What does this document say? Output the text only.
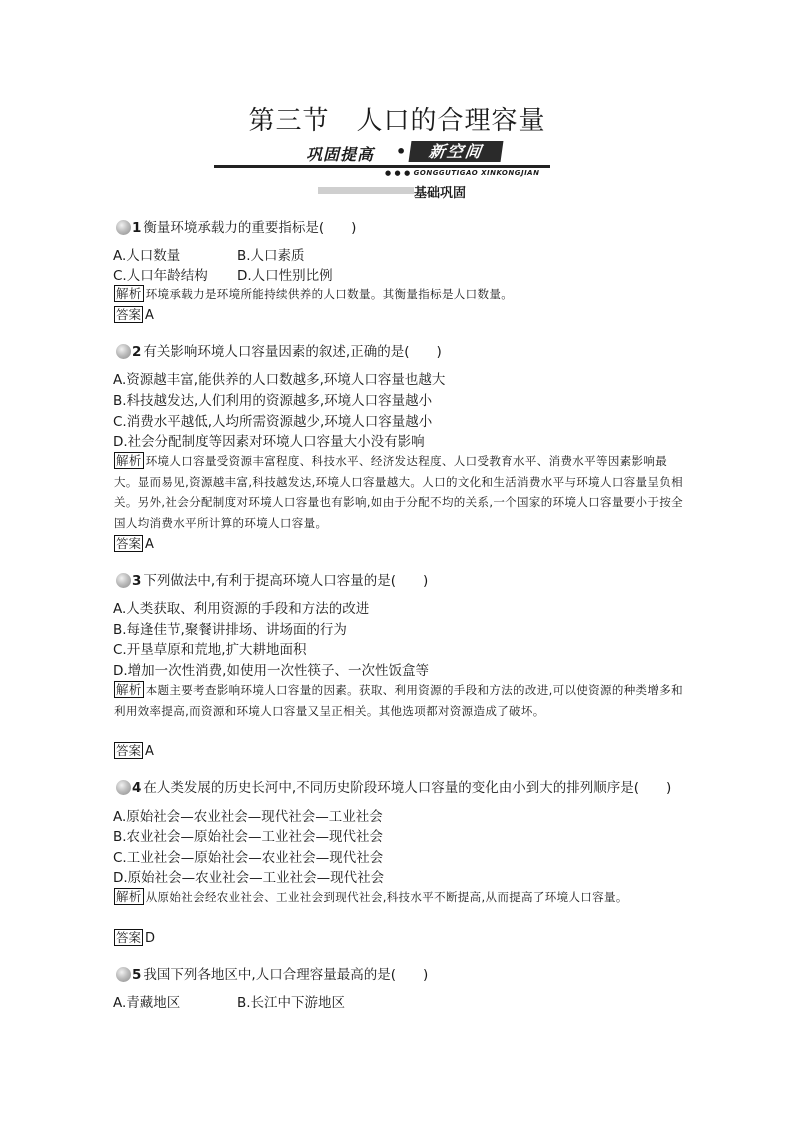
第三节　人口的合理容量
巩固提高 •	新空间
● ● ● GONGGUTIGAO XINKONGJIAN
基础巩固
1 衡量环境承载力的重要指标是(　　)
A.人口数量	B.人口素质
C.人口年龄结构 D.人口性别比例
解析 环境承载力是环境所能持续供养的人口数量。其衡量指标是人口数量。
答案 A
2 有关影响环境人口容量因素的叙述,正确的是(　　)
A.资源越丰富,能供养的人口数越多,环境人口容量也越大
B.科技越发达,人们利用的资源越多,环境人口容量越小
C.消费水平越低,人均所需资源越少,环境人口容量越小
D.社会分配制度等因素对环境人口容量大小没有影响
解析 环境人口容量受资源丰富程度、科技水平、经济发达程度、人口受教育水平、消费水平等因素影响最大。显而易见,资源越丰富,科技越发达,环境人口容量越大。人口的文化和生活消费水平与环境人口容量呈负相关。另外,社会分配制度对环境人口容量也有影响,如由于分配不均的关系,一个国家的环境人口容量要小于按全国人均消费水平所计算的环境人口容量。
答案 A
3 下列做法中,有利于提高环境人口容量的是(　　)
A.人类获取、利用资源的手段和方法的改进
B.每逢佳节,聚餐讲排场、讲场面的行为
C.开垦草原和荒地,扩大耕地面积
D.增加一次性消费,如使用一次性筷子、一次性饭盒等
解析 本题主要考查影响环境人口容量的因素。获取、利用资源的手段和方法的改进,可以使资源的种类增多和利用效率提高,而资源和环境人口容量又呈正相关。其他选项都对资源造成了破坏。
答案 A
4 在人类发展的历史长河中,不同历史阶段环境人口容量的变化由小到大的排列顺序是(　　)
A.原始社会—农业社会—现代社会—工业社会
B.农业社会—原始社会—工业社会—现代社会
C.工业社会—原始社会—农业社会—现代社会
D.原始社会—农业社会—工业社会—现代社会
解析 从原始社会经农业社会、工业社会到现代社会,科技水平不断提高,从而提高了环境人口容量。
答案 D
5 我国下列各地区中,人口合理容量最高的是(　　)
A.青藏地区	B.长江中下游地区
